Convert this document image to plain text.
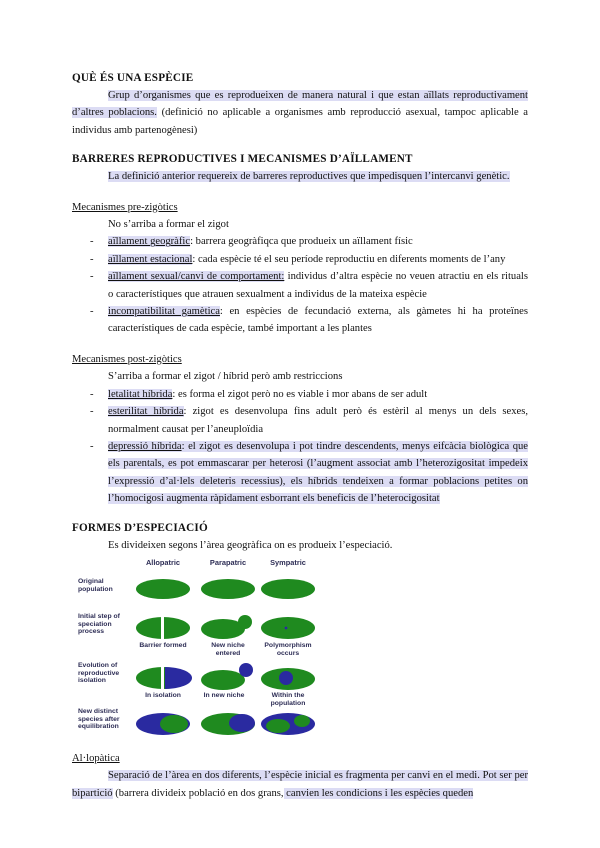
QUÈ ÉS UNA ESPÈCIE

Grup d’organismes que es reprodueixen de manera natural i que estan aïllats reproductivament d’altres poblacions. (definició no aplicable a organismes amb reproducció asexual, tampoc aplicable a individus amb partenogènesi)

BARRERES REPRODUCTIVES I MECANISMES D’AÏLLAMENT

La definició anterior requereix de barreres reproductives que impedisquen l’intercanvi genètic.

Mecanismes pre-zigòtics

No s’arriba a formar el zigot

- aïllament geogràfic: barrera geogràfiqca que produeix un aïllament físic
- aïllament estacional: cada espècie té el seu període reproductiu en diferents moments de l’any
- aïllament sexual/canvi de comportament: individus d’altra espècie no veuen atractiu en els rituals o característiques que atrauen sexualment a individus de la mateixa espècie
- incompatibilitat gamètica: en espècies de fecundació externa, als gàmetes hi ha proteïnes característiques de cada espècie, també important a les plantes

Mecanismes post-zigòtics

S’arriba a formar el zigot / híbrid però amb restriccions

- letalitat híbrida: es forma el zigot però no es viable i mor abans de ser adult
- esterilitat híbrida: zigot es desenvolupa fins adult però és estèril al menys un dels sexes, normalment causat per l’aneuploïdia
- depressió híbrida: el zigot es desenvolupa i pot tindre descendents, menys eifcàcia biològica que els parentals, es pot emmascarar per heterosi (l’augment associat amb l’heterozigositat impedeix l’expressió d’al·lels deleteris recessius), els híbrids tendeixen a formar poblacions petites on l’homocigosi augmenta ràpidament esborrant els beneficis de l’heterocigositat
FORMES D’ESPECIACIÓ

Es divideixen segons l’àrea geogràfica on es produeix l’especiació.

Allopatric	Parapatric	Sympatric
Original population
Initial step of speciation process
Evolution of reproductive isolation
New distinct species after equilibration
Barrier formed	New niche entered
Polymorphism occurs
In isolation	In new niche	Within the population

Al·lopàtica

Separació de l’àrea en dos diferents, l’espècie inicial es fragmenta per canvi en el medi. Pot ser per bipartició (barrera divideix població en dos grans, canvien les condicions i les espècies queden
